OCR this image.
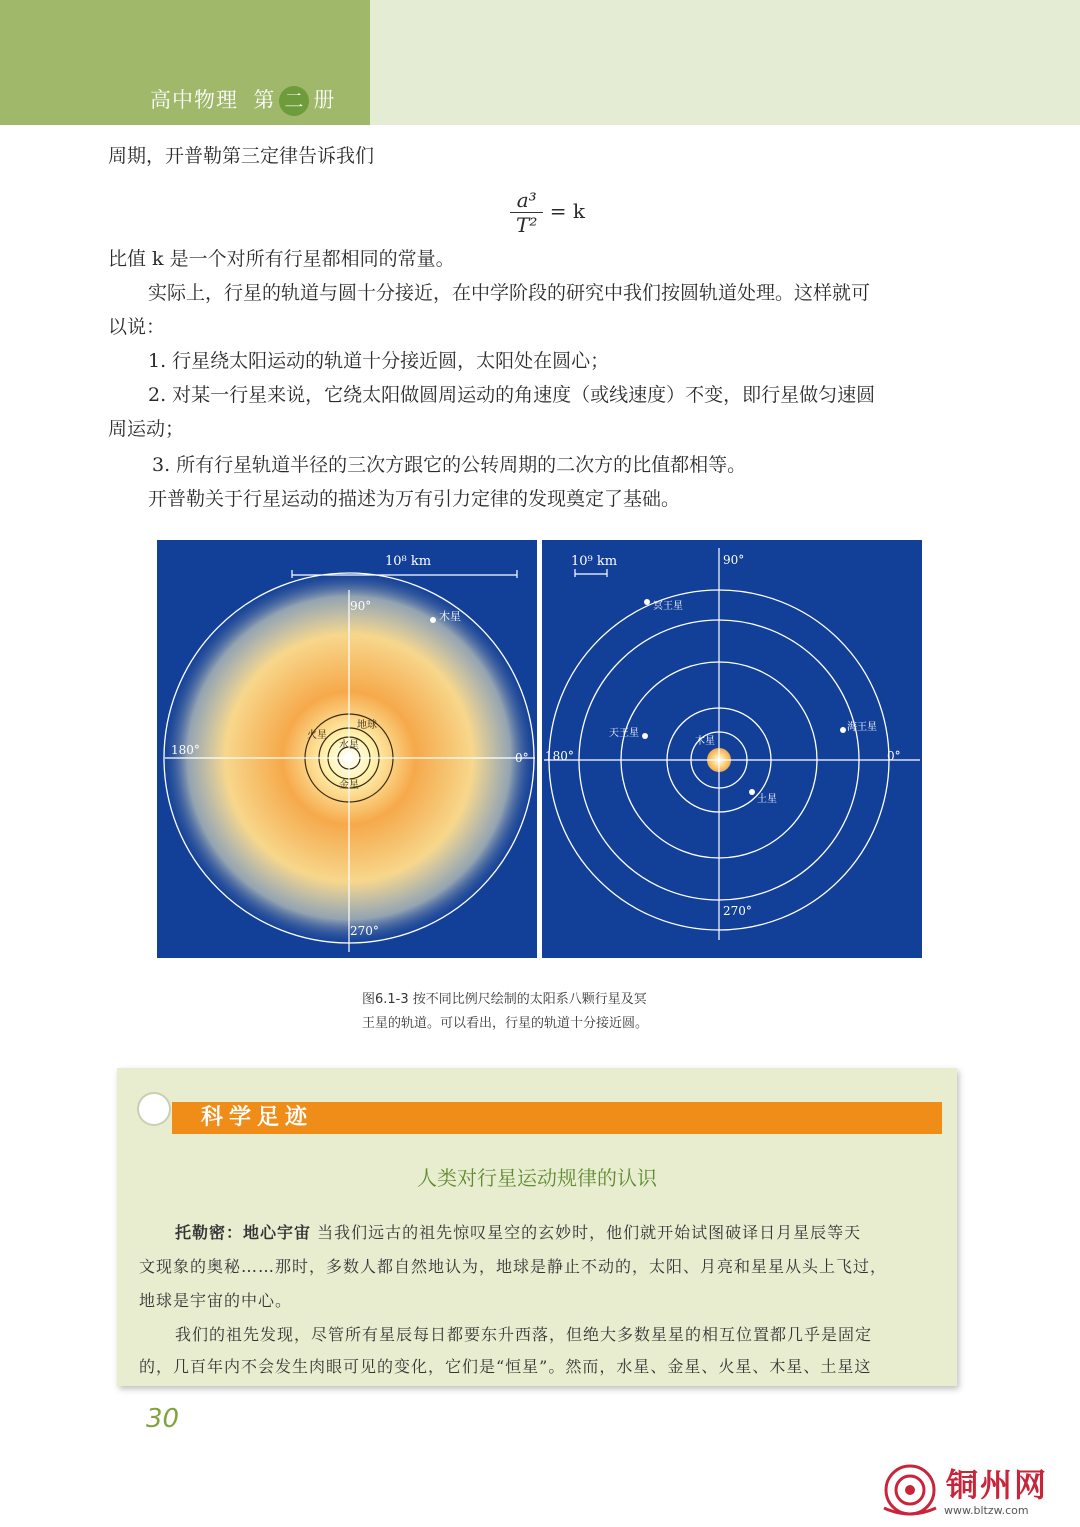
高中物理 第 二 册
周期，开普勒第三定律告诉我们
$\frac{\text{a³}}{\text{T²}} = k$
比值 k 是一个对所有行星都相同的常量。
实际上，行星的轨道与圆十分接近，在中学阶段的研究中我们按圆轨道处理。这样就可
以说：
1. 行星绕太阳运动的轨道十分接近圆，太阳处在圆心；
2. 对某一行星来说，它绕太阳做圆周运动的角速度（或线速度）不变，即行星做匀速圆
周运动；
3. 所有行星轨道半径的三次方跟它的公转周期的二次方的比值都相等。
开普勒关于行星运动的描述为万有引力定律的发现奠定了基础。
10⁸ km
90°
180°
0°
270°
木星
火星
地球
金星
水星
10⁹ km	90°
180°	0°
270°
冥王星
天王星
海王星
木星
土星
图6.1-3 按不同比例尺绘制的太阳系八颗行星及冥
王星的轨道。可以看出，行星的轨道十分接近圆。
科学足迹
人类对行星运动规律的认识
托勒密：地心宇宙 当我们远古的祖先惊叹星空的玄妙时，他们就开始试图破译日月星辰等天
文现象的奥秘……那时，多数人都自然地认为，地球是静止不动的，太阳、月亮和星星从头上飞过，
地球是宇宙的中心。
我们的祖先发现，尽管所有星辰每日都要东升西落，但绝大多数星星的相互位置都几乎是固定
的，几百年内不会发生肉眼可见的变化，它们是“恒星”。然而，水星、金星、火星、木星、土星这
30
铜州网
www.bltzw.com
